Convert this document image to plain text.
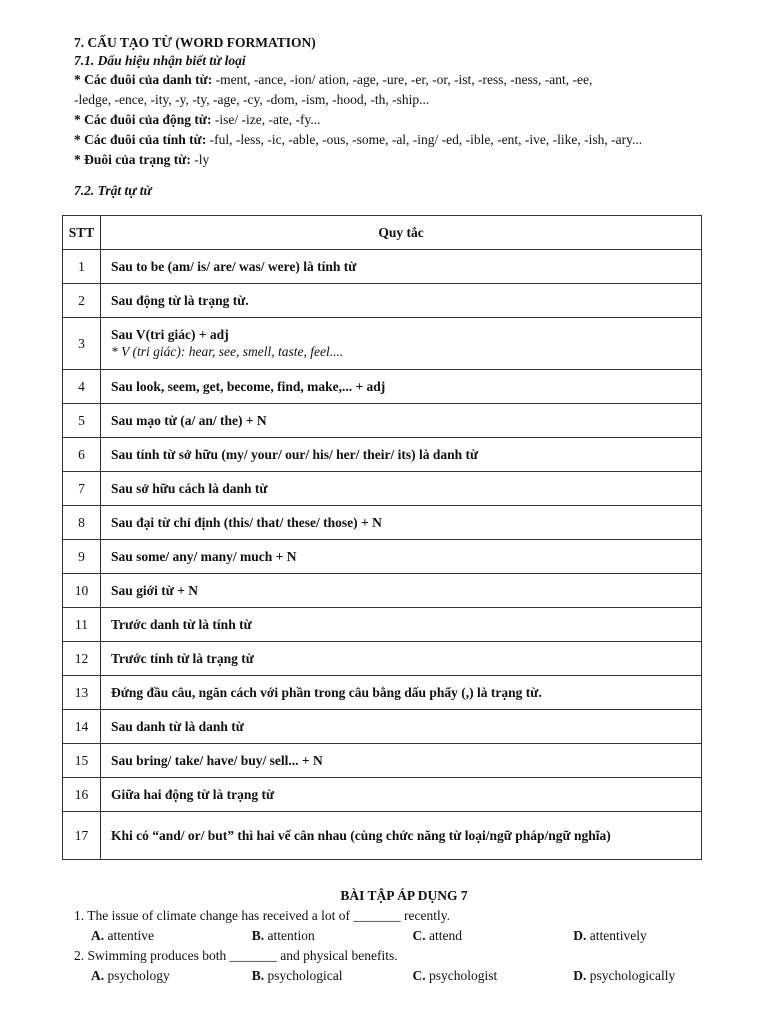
7. CẤU TẠO TỪ (WORD FORMATION)

7.1. Dấu hiệu nhận biết từ loại

* Các đuôi của danh từ: -ment, -ance, -ion/ ation, -age, -ure, -er, -or, -ist, -ress, -ness, -ant, -ee,

-ledge, -ence, -ity, -y, -ty, -age, -cy, -dom, -ism, -hood, -th, -ship...

* Các đuôi của động từ: -ise/ -ize, -ate, -fy...

* Các đuôi của tính từ: -ful, -less, -ic, -able, -ous, -some, -al, -ing/ -ed, -ible, -ent, -ive, -like, -ish, -ary...

* Đuôi của trạng từ: -ly

7.2. Trật tự từ

STT	Quy tắc
1	Sau to be (am/ is/ are/ was/ were) là tính từ
2	Sau động từ là trạng từ.
3	Sau V(tri giác) + adj
* V (tri giác): hear, see, smell, taste, feel....

4	Sau look, seem, get, become, find, make,... + adj
5	Sau mạo từ (a/ an/ the) + N
6	Sau tính từ sở hữu (my/ your/ our/ his/ her/ their/ its) là danh từ
7	Sau sở hữu cách là danh từ
8	Sau đại từ chỉ định (this/ that/ these/ those) + N
9	Sau some/ any/ many/ much + N
10	Sau giới từ + N
11	Trước danh từ là tính từ
12	Trước tính từ là trạng từ
13	Đứng đầu câu, ngăn cách với phần trong câu bằng dấu phẩy (,) là trạng từ.
14	Sau danh từ là danh từ
15	Sau bring/ take/ have/ buy/ sell... + N
16	Giữa hai động từ là trạng từ
17	Khi có “and/ or/ but” thì hai vế cân nhau (cùng chức năng từ loại/ngữ pháp/ngữ nghĩa)

BÀI TẬP ÁP DỤNG 7

1. The issue of climate change has received a lot of _______ recently.

A. attentive	B. attention	C. attend	D. attentively

2. Swimming produces both _______ and physical benefits.

A. psychology	B. psychological	C. psychologist	D. psychologically
